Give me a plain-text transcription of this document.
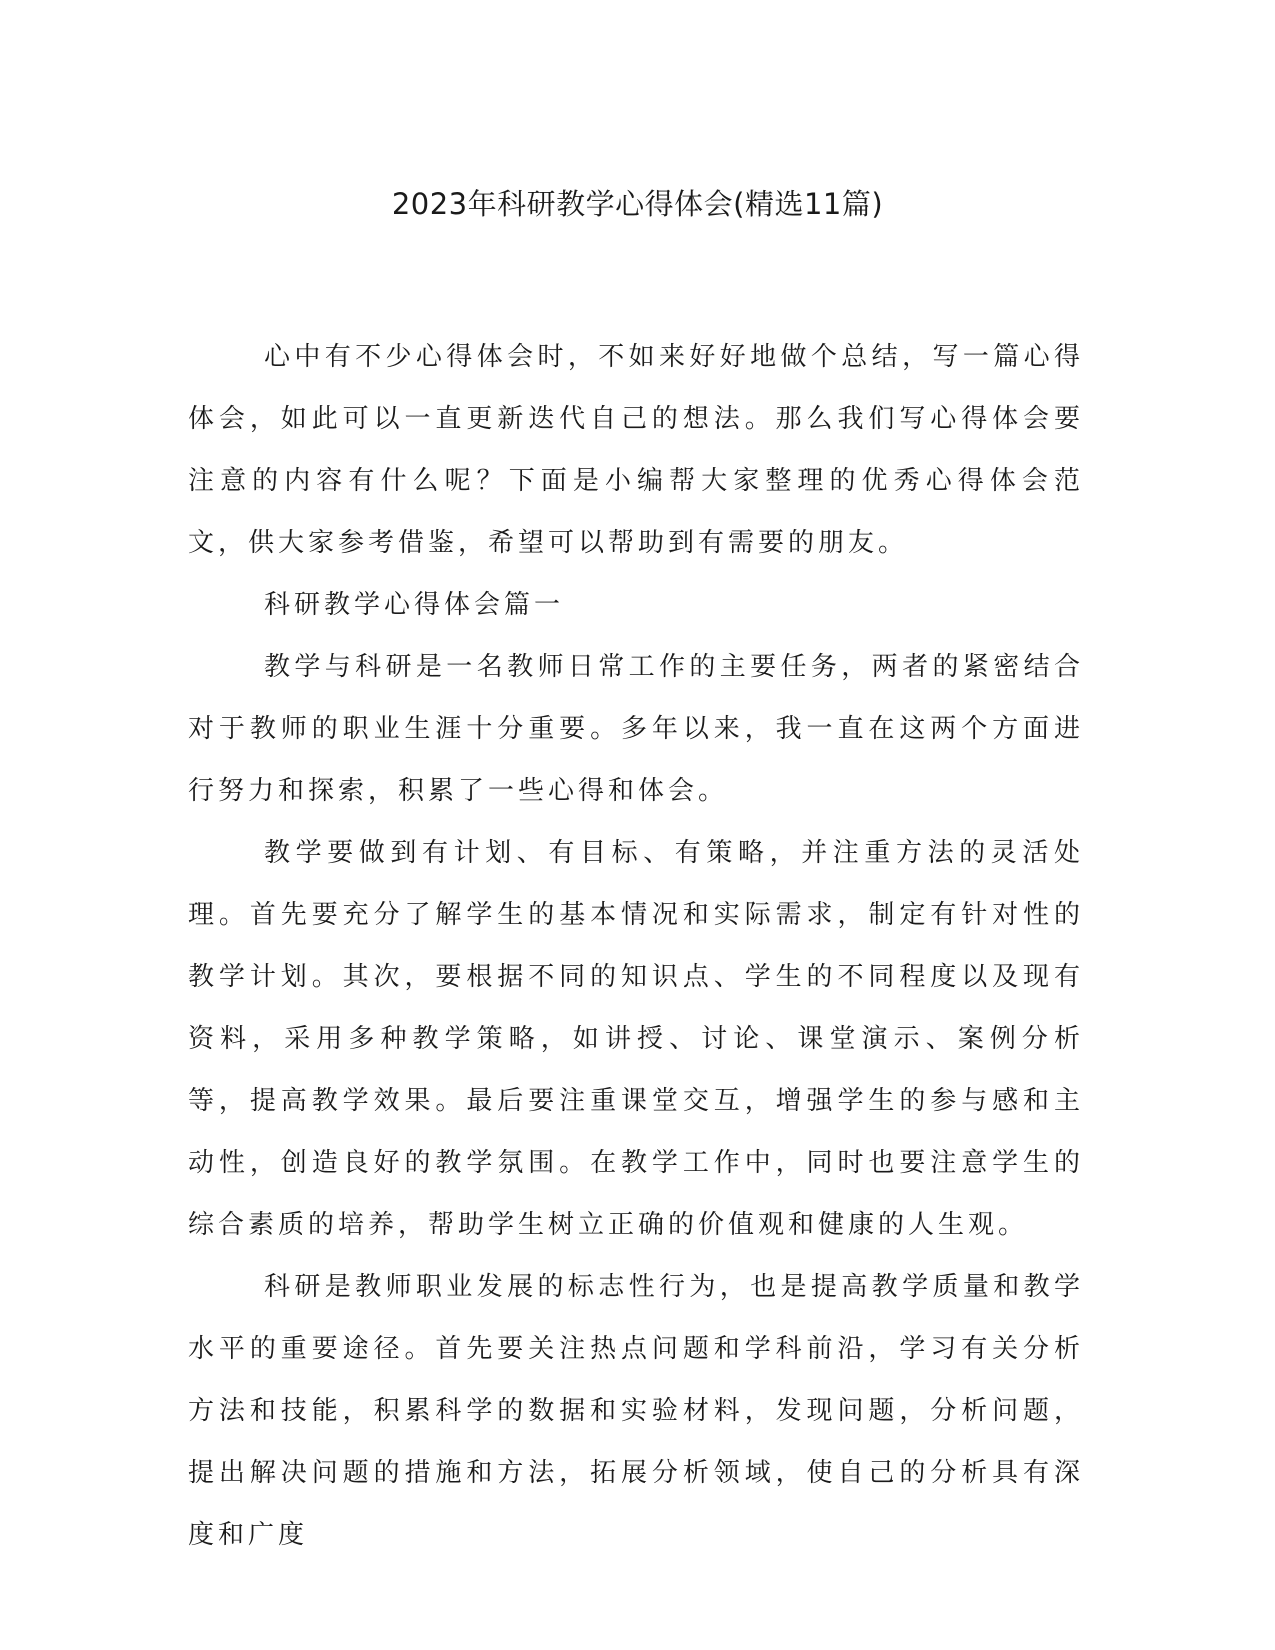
2023年科研教学心得体会(精选11篇)

心中有不少心得体会时，不如来好好地做个总结，写一篇心得体会，如此可以一直更新迭代自己的想法。那么我们写心得体会要注意的内容有什么呢？下面是小编帮大家整理的优秀心得体会范文，供大家参考借鉴，希望可以帮助到有需要的朋友。

科研教学心得体会篇一

教学与科研是一名教师日常工作的主要任务，两者的紧密结合对于教师的职业生涯十分重要。多年以来，我一直在这两个方面进行努力和探索，积累了一些心得和体会。

教学要做到有计划、有目标、有策略，并注重方法的灵活处理。首先要充分了解学生的基本情况和实际需求，制定有针对性的教学计划。其次，要根据不同的知识点、学生的不同程度以及现有资料，采用多种教学策略，如讲授、讨论、课堂演示、案例分析等，提高教学效果。最后要注重课堂交互，增强学生的参与感和主动性，创造良好的教学氛围。在教学工作中，同时也要注意学生的综合素质的培养，帮助学生树立正确的价值观和健康的人生观。

科研是教师职业发展的标志性行为，也是提高教学质量和教学水平的重要途径。首先要关注热点问题和学科前沿，学习有关分析方法和技能，积累科学的数据和实验材料，发现问题，分析问题，提出解决问题的措施和方法，拓展分析领域，使自己的分析具有深度和广度
